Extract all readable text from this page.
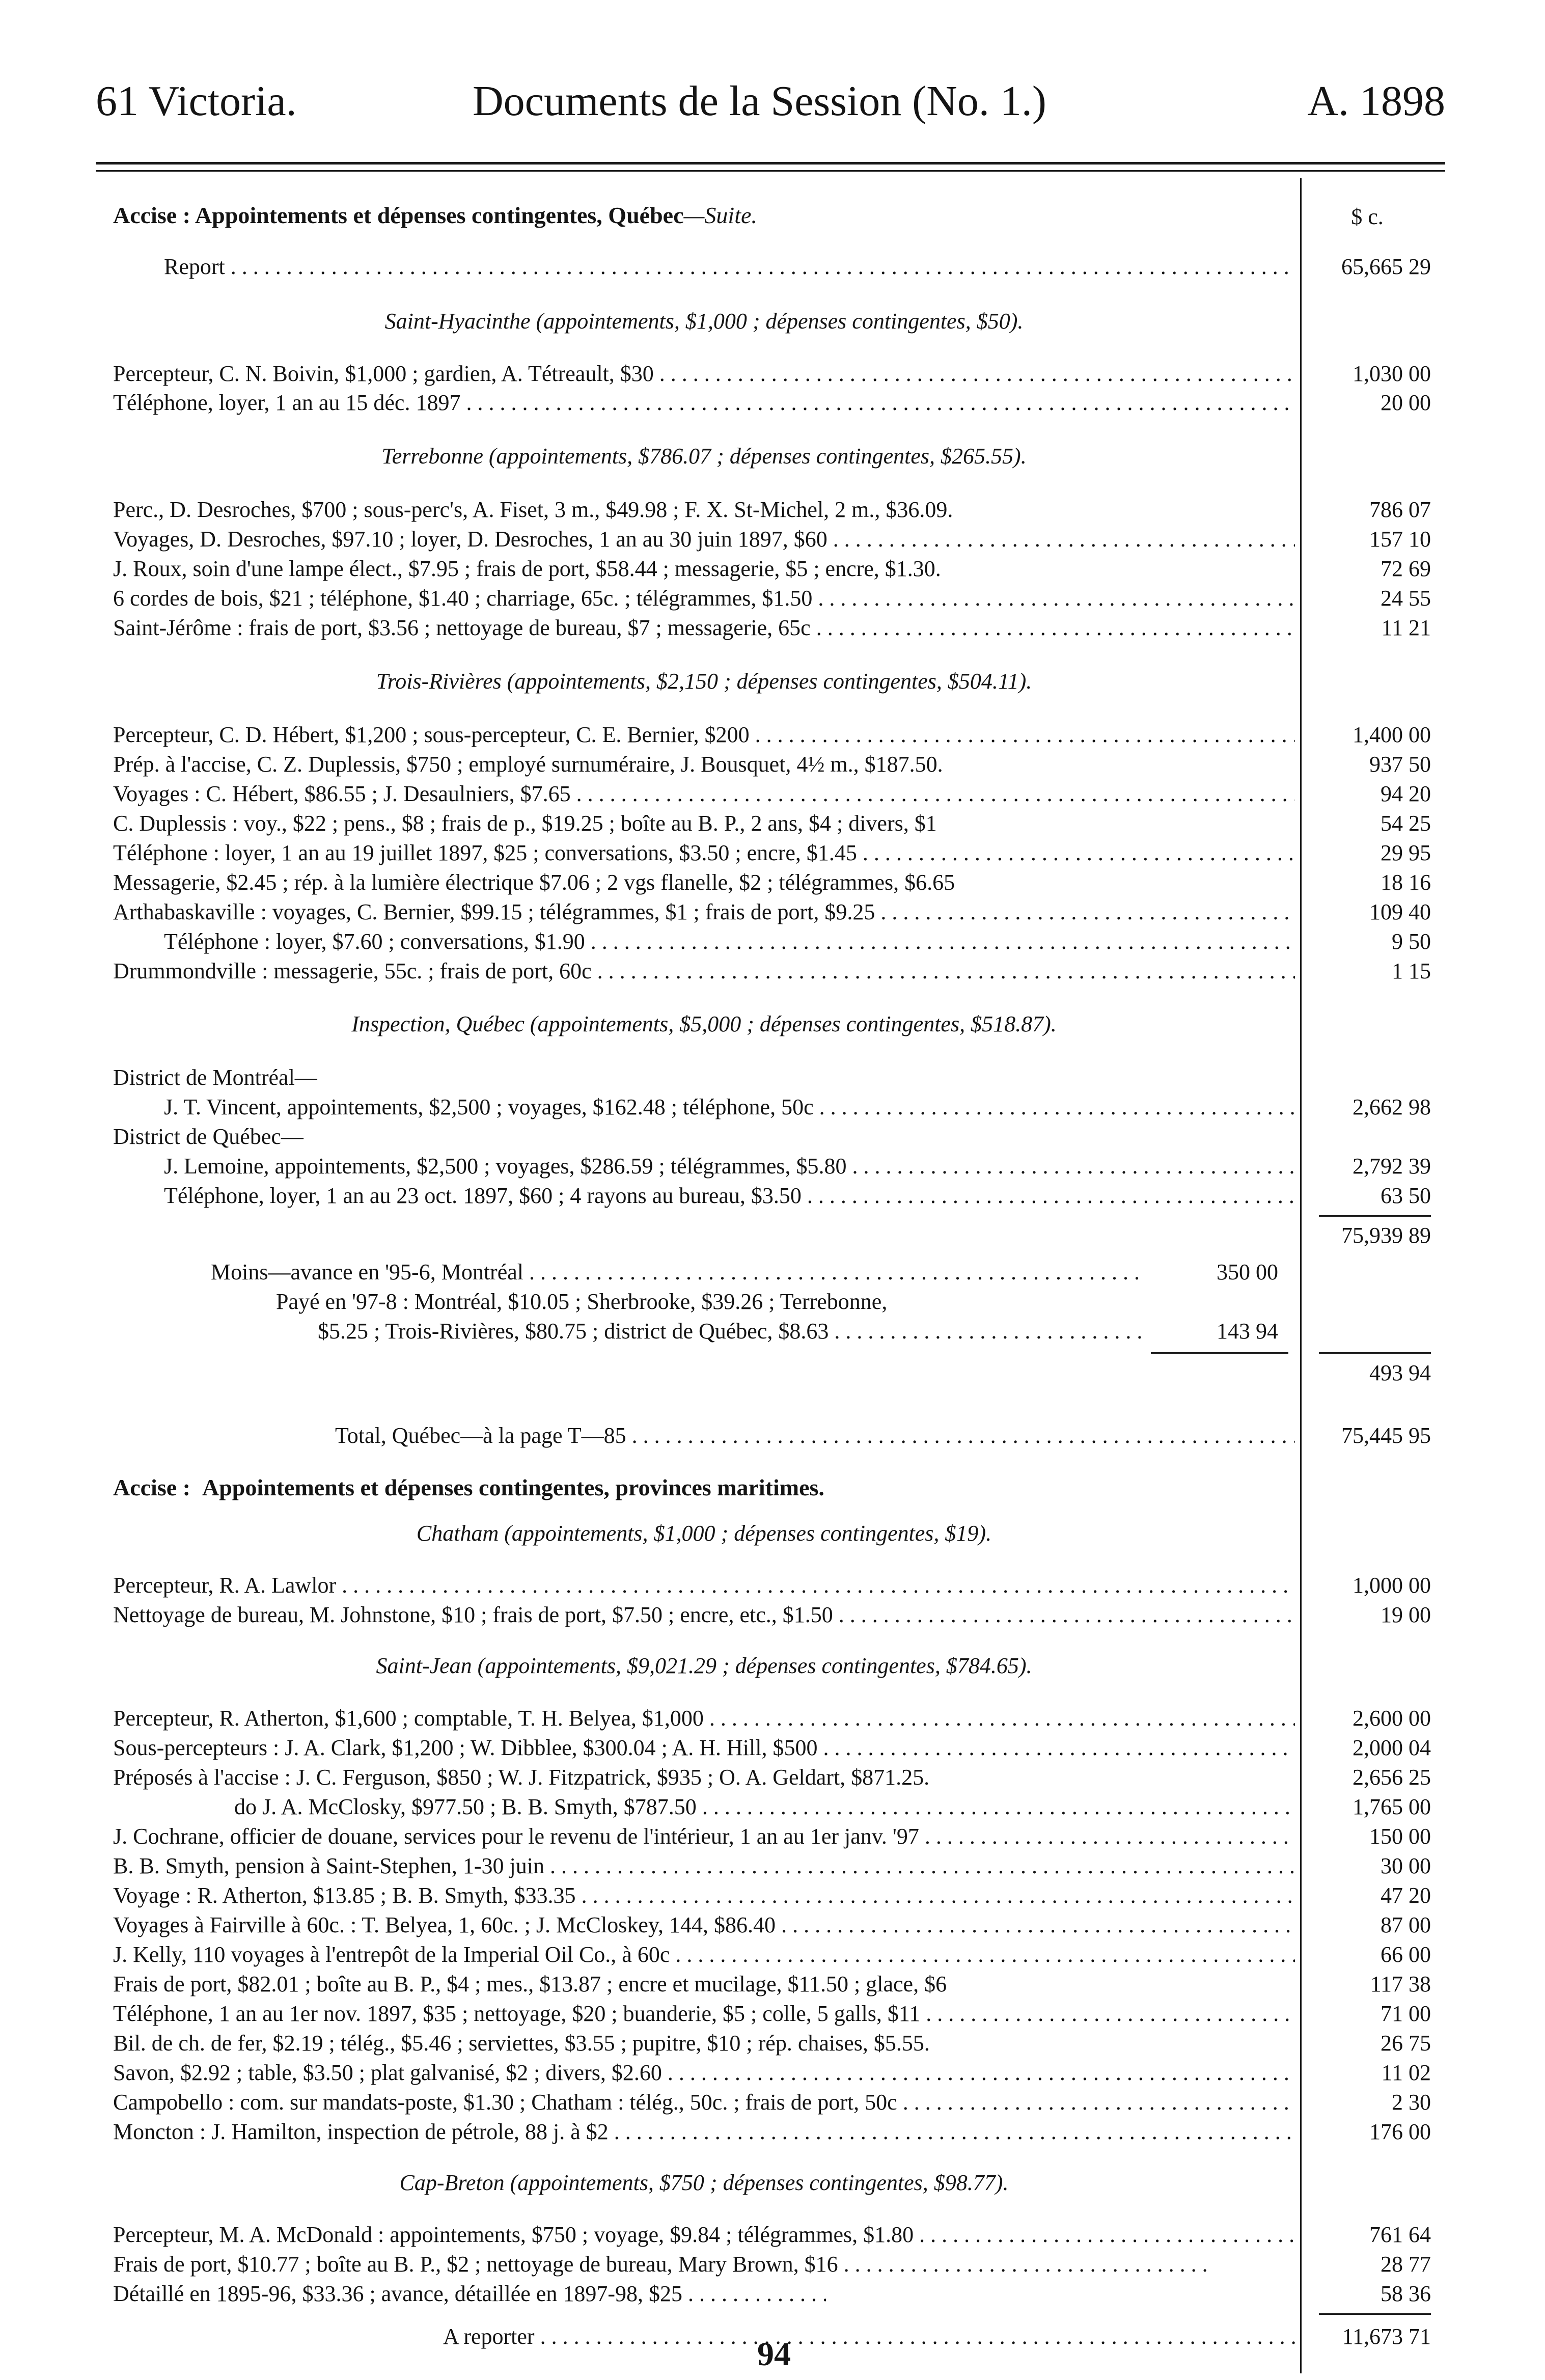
61 Victoria.	Documents de la Session (No. 1.)	A. 1898
Accise : Appointements et dépenses contingentes, Québec—Suite.	$ c.
Report . . .	65,665 29
Saint-Hyacinthe (appointements, $1,000 ; dépenses contingentes, $50).
Percepteur, C. N. Boivin, $1,000 ; gardien, A. Tétreault, $30 . . .	1,030 00
Téléphone, loyer, 1 an au 15 déc. 1897 . . .	20 00
Terrebonne (appointements, $786.07 ; dépenses contingentes, $265.55).
Perc., D. Desroches, $700 ; sous-perc's, A. Fiset, 3 m., $49.98 ; F. X. St-Michel, 2 m., $36.09.	786 07
Voyages, D. Desroches, $97.10 ; loyer, D. Desroches, 1 an au 30 juin 1897, $60 . . .	157 10
J. Roux, soin d'une lampe élect., $7.95 ; frais de port, $58.44 ; messagerie, $5 ; encre, $1.30.	72 69
6 cordes de bois, $21 ; téléphone, $1.40 ; charriage, 65c. ; télégrammes, $1.50 . . .	24 55
Saint-Jérôme : frais de port, $3.56 ; nettoyage de bureau, $7 ; messagerie, 65c . . .	11 21
Trois-Rivières (appointements, $2,150 ; dépenses contingentes, $504.11).
Percepteur, C. D. Hébert, $1,200 ; sous-percepteur, C. E. Bernier, $200 . . .	1,400 00
Prép. à l'accise, C. Z. Duplessis, $750 ; employé surnuméraire, J. Bousquet, 4½ m., $187.50.	937 50
Voyages : C. Hébert, $86.55 ; J. Desaulniers, $7.65 . . .	94 20
C. Duplessis : voy., $22 ; pens., $8 ; frais de p., $19.25 ; boîte au B. P., 2 ans, $4 ; divers, $1	54 25
Téléphone : loyer, 1 an au 19 juillet 1897, $25 ; conversations, $3.50 ; encre, $1.45 . . .	29 95
Messagerie, $2.45 ; rép. à la lumière électrique $7.06 ; 2 vgs flanelle, $2 ; télégrammes, $6.65	18 16
Arthabaskaville : voyages, C. Bernier, $99.15 ; télégrammes, $1 ; frais de port, $9.25 . . .	109 40
Téléphone : loyer, $7.60 ; conversations, $1.90 . . .	9 50
Drummondville : messagerie, 55c. ; frais de port, 60c . . .	1 15
Inspection, Québec (appointements, $5,000 ; dépenses contingentes, $518.87).
District de Montréal—
J. T. Vincent, appointements, $2,500 ; voyages, $162.48 ; téléphone, 50c . . .	2,662 98
District de Québec—
J. Lemoine, appointements, $2,500 ; voyages, $286.59 ; télégrammes, $5.80 . . .	2,792 39
Téléphone, loyer, 1 an au 23 oct. 1897, $60 ; 4 rayons au bureau, $3.50 . . .	63 50
75,939 89
Moins—avance en '95-6, Montréal . . .	350 00
Payé en '97-8 : Montréal, $10.05 ; Sherbrooke, $39.26 ; Terrebonne,
$5.25 ; Trois-Rivières, $80.75 ; district de Québec, $8.63 . . .	143 94
493 94
Total, Québec—à la page T—85 . . .	75,445 95
Accise : Appointements et dépenses contingentes, provinces maritimes.
Chatham (appointements, $1,000 ; dépenses contingentes, $19).
Percepteur, R. A. Lawlor . . .	1,000 00
Nettoyage de bureau, M. Johnstone, $10 ; frais de port, $7.50 ; encre, etc., $1.50 . . .	19 00
Saint-Jean (appointements, $9,021.29 ; dépenses contingentes, $784.65).
Percepteur, R. Atherton, $1,600 ; comptable, T. H. Belyea, $1,000 . . .	2,600 00
Sous-percepteurs : J. A. Clark, $1,200 ; W. Dibblee, $300.04 ; A. H. Hill, $500 . . .	2,000 04
Préposés à l'accise : J. C. Ferguson, $850 ; W. J. Fitzpatrick, $935 ; O. A. Geldart, $871.25.	2,656 25
do J. A. McClosky, $977.50 ; B. B. Smyth, $787.50 . . .	1,765 00
J. Cochrane, officier de douane, services pour le revenu de l'intérieur, 1 an au 1er janv. '97 . . .	150 00
B. B. Smyth, pension à Saint-Stephen, 1-30 juin . . .	30 00
Voyage : R. Atherton, $13.85 ; B. B. Smyth, $33.35 . . .	47 20
Voyages à Fairville à 60c. : T. Belyea, 1, 60c. ; J. McCloskey, 144, $86.40 . . .	87 00
J. Kelly, 110 voyages à l'entrepôt de la Imperial Oil Co., à 60c . . .	66 00
Frais de port, $82.01 ; boîte au B. P., $4 ; mes., $13.87 ; encre et mucilage, $11.50 ; glace, $6	117 38
Téléphone, 1 an au 1er nov. 1897, $35 ; nettoyage, $20 ; buanderie, $5 ; colle, 5 galls, $11 . . .	71 00
Bil. de ch. de fer, $2.19 ; télég., $5.46 ; serviettes, $3.55 ; pupitre, $10 ; rép. chaises, $5.55.	26 75
Savon, $2.92 ; table, $3.50 ; plat galvanisé, $2 ; divers, $2.60 . . .	11 02
Campobello : com. sur mandats-poste, $1.30 ; Chatham : télég., 50c. ; frais de port, 50c . . .	2 30
Moncton : J. Hamilton, inspection de pétrole, 88 j. à $2 . . .	176 00
Cap-Breton (appointements, $750 ; dépenses contingentes, $98.77).
Percepteur, M. A. McDonald : appointements, $750 ; voyage, $9.84 ; télégrammes, $1.80 . . .	761 64
Frais de port, $10.77 ; boîte au B. P., $2 ; nettoyage de bureau, Mary Brown, $16 . . .	28 77
Détaillé en 1895-96, $33.36 ; avance, détaillée en 1897-98, $25 . . .	58 36
A reporter . . .	11,673 71
94
